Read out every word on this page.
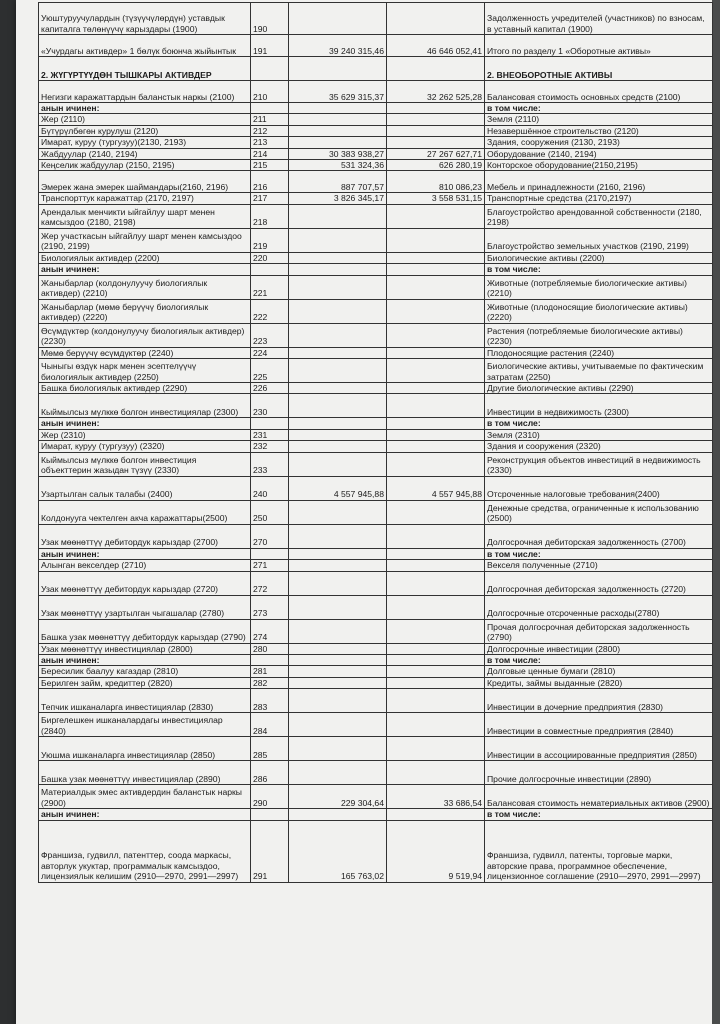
Уюштуруучулардын (түзүүчүлөрдүн) уставдык капиталга төлөнүүчү карыздары (1900)	190			Задолженность учредителей (участников) по взносам, в уставный капитал (1900)
«Учурдагы активдер» 1 бөлүк боюнча жыйынтык	191	39 240 315,46	46 646 052,41	Итого по разделу 1 «Оборотные активы»
2. ЖҮГҮРТҮҮДӨН ТЫШКАРЫ АКТИВДЕР				2. ВНЕОБОРОТНЫЕ АКТИВЫ
Негизги каражаттардын баланстык наркы (2100)	210	35 629 315,37	32 262 525,28	Балансовая стоимость основных средств (2100)
анын ичинен:				в том числе:
Жер (2110)	211			Земля (2110)
Бүтүрүлбөгөн курулуш (2120)	212			Незавершённое строительство (2120)
Имарат, куруу (тургузуу)(2130, 2193)	213			Здания, сооружения (2130, 2193)
Жабдуулар (2140, 2194)	214	30 383 938,27	27 267 627,71	Оборудование (2140, 2194)
Кеңселик жабдуулар (2150, 2195)	215	531 324,36	626 280,19	Конторское оборудование(2150,2195)
Эмерек жана эмерек шаймандары(2160, 2196)	216	887 707,57	810 086,23	Мебель и принадлежности (2160, 2196)
Транспорттук каражаттар (2170, 2197)	217	3 826 345,17	3 558 531,15	Транспортные средства (2170,2197)
Арендалык менчикти ыйгайлуу шарт менен камсыздоо (2180, 2198)	218			Благоустройство арендованной собственности (2180, 2198)
Жер участкасын ыйгайлуу шарт менен камсыздоо (2190, 2199)	219			Благоустройство земельных участков (2190, 2199)
Биологиялык активдер (2200)	220			Биологические активы (2200)
анын ичинен:				в том числе:
Жаныбарлар (колдонулуучу биологиялык активдер) (2210)	221			Животные (потребляемые биологические активы) (2210)
Жаныбарлар (мөмө берүүчү биологиялык активдер) (2220)	222			Животные (плодоносящие биологические активы) (2220)
Өсүмдүктөр (колдонулуучу биологиялык активдер) (2230)	223			Растения (потребляемые биологические активы) (2230)
Мөмө берүүчү өсүмдүктөр (2240)	224			Плодоносящие растения (2240)
Чыныгы өздүк нарк менен эсептелүүчү биологиялык активдер (2250)	225			Биологические активы, учитываемые по фактическим затратам (2250)
Башка биологиялык активдер (2290)	226			Другие биологические активы (2290)
Кыймылсыз мүлккө болгон инвестициялар (2300)	230			Инвестиции в недвижимость (2300)
анын ичинен:				в том числе:
Жер (2310)	231			Земля (2310)
Имарат, куруу (тургузуу) (2320)	232			Здания и сооружения (2320)
Кыймылсыз мүлккө болгон инвестиция объекттерин жазыдан түзүү (2330)	233			Реконструкция объектов инвестиций в недвижимость (2330)
Узартылган салык талабы (2400)	240	4 557 945,88	4 557 945,88	Отсроченные налоговые требования(2400)
Колдонууга чектелген акча каражаттары(2500)	250			Денежные средства, ограниченные к использованию (2500)
Узак мөөнөттүү дебитордук карыздар (2700)	270			Долгосрочная дебиторская задолженность (2700)
анын ичинен:				в том числе:
Алынган векселдер (2710)	271			Векселя полученные (2710)
Узак мөөнөттүү дебитордук карыздар (2720)	272			Долгосрочная дебиторская задолженность (2720)
Узак мөөнөттүү узартылган чыгашалар (2780)	273			Долгосрочные отсроченные расходы(2780)
Башка узак мөөнөттүү дебитордук карыздар (2790)	274			Прочая долгосрочная дебиторская задолженность (2790)
Узак мөөнөттүү инвестициялар (2800)	280			Долгосрочные инвестиции (2800)
анын ичинен:				в том числе:
Бересилик баалуу кагаздар (2810)	281			Долговые ценные бумаги (2810)
Берилген займ, кредиттер (2820)	282			Кредиты, займы выданные (2820)
Тепчик ишканаларга инвестициялар (2830)	283			Инвестиции в дочерние предприятия (2830)
Биргелешкен ишканалардагы инвестициялар (2840)	284			Инвестиции в совместные предприятия (2840)
Уюшма ишканаларга инвестициялар (2850)	285			Инвестиции в ассоциированные предприятия (2850)
Башка узак мөөнөттүү инвестициялар (2890)	286			Прочие долгосрочные инвестиции (2890)
Материалдык эмес активдердин баланстык наркы (2900)	290	229 304,64	33 686,54	Балансовая стоимость нематериальных активов (2900)
анын ичинен:				в том числе:
Франшиза, гудвилл, патенттер, соода маркасы, авторлук укуктар, программалык камсыздоо, лицензиялык келишим (2910—2970, 2991—2997)	291	165 763,02	9 519,94	Франшиза, гудвилл, патенты, торговые марки, авторские права, программное обеспечение, лицензионное соглашение (2910—2970, 2991—2997)
